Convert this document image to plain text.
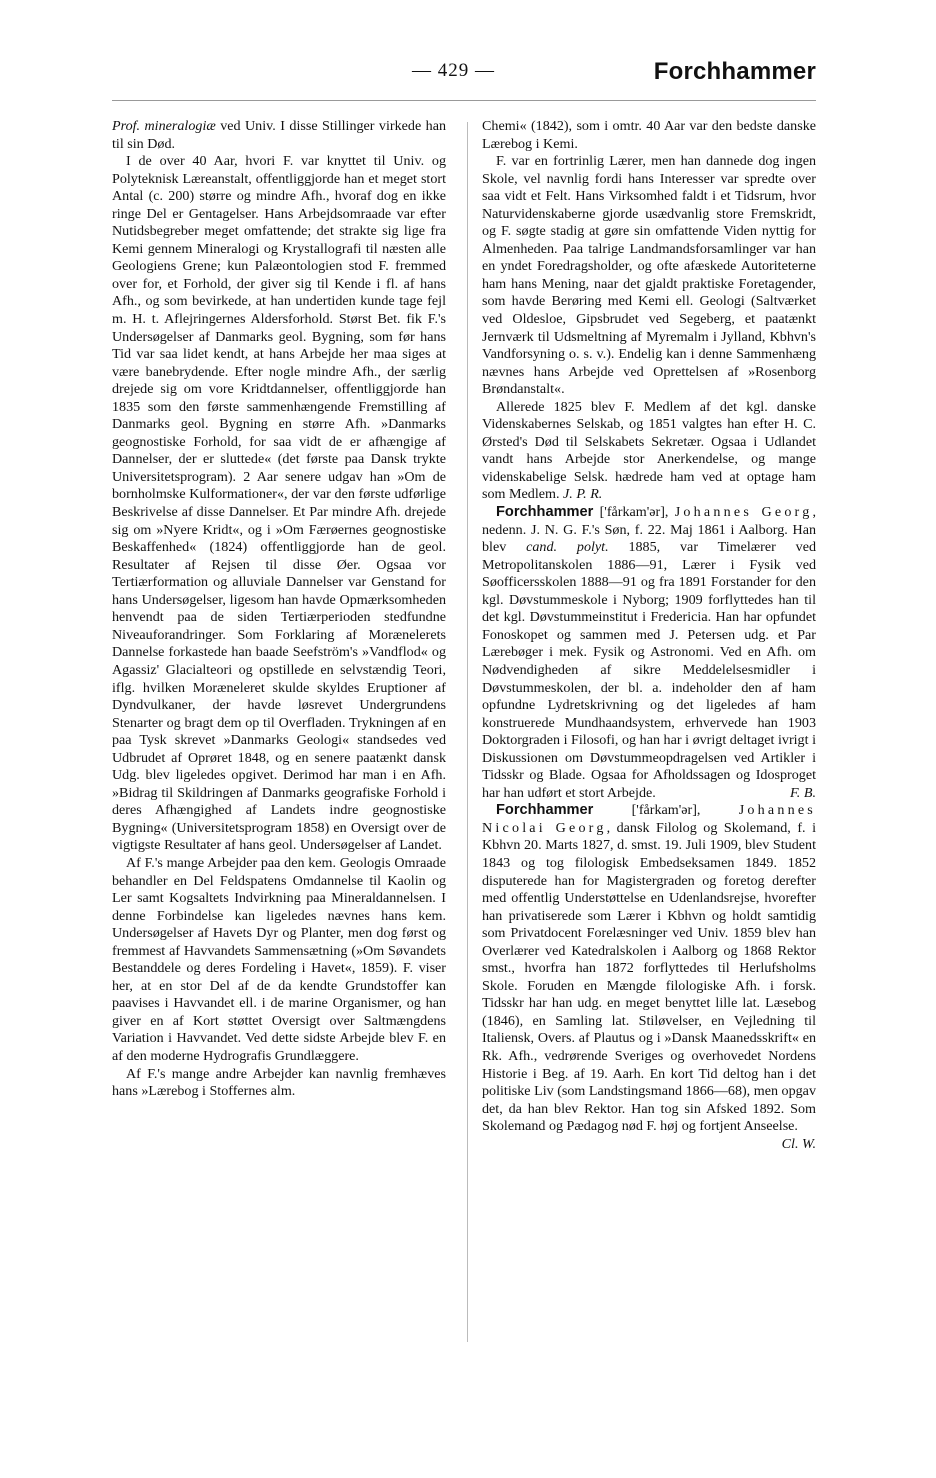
— 429 —	Forchhammer

Prof. mineralogiæ ved Univ. I disse Stillinger virkede han til sin Død.

I de over 40 Aar, hvori F. var knyttet til Univ. og Polyteknisk Læreanstalt, offentliggjorde han et meget stort Antal (c. 200) større og mindre Afh., hvoraf dog en ikke ringe Del er Gentagelser. Hans Arbejdsomraade var efter Nutidsbegreber meget omfattende; det strakte sig lige fra Kemi gennem Mineralogi og Krystallografi til næsten alle Geologiens Grene; kun Palæontologien stod F. fremmed over for, et Forhold, der giver sig til Kende i fl. af hans Afh., og som bevirkede, at han undertiden kunde tage fejl m. H. t. Aflejringernes Aldersforhold. Størst Bet. fik F.'s Undersøgelser af Danmarks geol. Bygning, som før hans Tid var saa lidet kendt, at hans Arbejde her maa siges at være banebrydende. Efter nogle mindre Afh., der særlig drejede sig om vore Kridtdannelser, offentliggjorde han 1835 som den første sammenhængende Fremstilling af Danmarks geol. Bygning en større Afh. »Danmarks geognostiske Forhold, for saa vidt de er afhængige af Dannelser, der er sluttede« (det første paa Dansk trykte Universitetsprogram). 2 Aar senere udgav han »Om de bornholmske Kulformationer«, der var den første udførlige Beskrivelse af disse Dannelser. Et Par mindre Afh. drejede sig om »Nyere Kridt«, og i »Om Færøernes geognostiske Beskaffenhed« (1824) offentliggjorde han de geol. Resultater af Rejsen til disse Øer. Ogsaa vor Tertiærformation og alluviale Dannelser var Genstand for hans Undersøgelser, ligesom han havde Opmærksomheden henvendt paa de siden Tertiærperioden stedfundne Niveauforandringer. Som Forklaring af Morænelerets Dannelse forkastede han baade Seefström's »Vandflod« og Agassiz' Glacialteori og opstillede en selvstændig Teori, iflg. hvilken Moræneleret skulde skyldes Eruptioner af Dyndvulkaner, der havde løsrevet Undergrundens Stenarter og bragt dem op til Overfladen. Trykningen af en paa Tysk skrevet »Danmarks Geologi« standsedes ved Udbrudet af Oprøret 1848, og en senere paatænkt dansk Udg. blev ligeledes opgivet. Derimod har man i en Afh. »Bidrag til Skildringen af Danmarks geografiske Forhold i deres Afhængighed af Landets indre geognostiske Bygning« (Universitetsprogram 1858) en Oversigt over de vigtigste Resultater af hans geol. Undersøgelser af Landet.

Af F.'s mange Arbejder paa den kem. Geologis Omraade behandler en Del Feldspatens Omdannelse til Kaolin og Ler samt Kogsaltets Indvirkning paa Mineraldannelsen. I denne Forbindelse kan ligeledes nævnes hans kem. Undersøgelser af Havets Dyr og Planter, men dog først og fremmest af Havvandets Sammensætning (»Om Søvandets Bestanddele og deres Fordeling i Havet«, 1859). F. viser her, at en stor Del af de da kendte Grundstoffer kan paavises i Havvandet ell. i de marine Organismer, og han giver en af Kort støttet Oversigt over Saltmængdens Variation i Havvandet. Ved dette sidste Arbejde blev F. en af den moderne Hydrografis Grundlæggere.

Af F.'s mange andre Arbejder kan navnlig fremhæves hans »Lærebog i Stoffernes alm.

Chemi« (1842), som i omtr. 40 Aar var den bedste danske Lærebog i Kemi.

F. var en fortrinlig Lærer, men han dannede dog ingen Skole, vel navnlig fordi hans Interesser var spredte over saa vidt et Felt. Hans Virksomhed faldt i et Tidsrum, hvor Naturvidenskaberne gjorde usædvanlig store Fremskridt, og F. søgte stadig at gøre sin omfattende Viden nyttig for Almenheden. Paa talrige Landmandsforsamlinger var han en yndet Foredragsholder, og ofte afæskede Autoriteterne ham hans Mening, naar det gjaldt praktiske Foretagender, som havde Berøring med Kemi ell. Geologi (Saltværket ved Oldesloe, Gipsbrudet ved Segeberg, et paatænkt Jernværk til Udsmeltning af Myremalm i Jylland, Kbhvn's Vandforsyning o. s. v.). Endelig kan i denne Sammenhæng nævnes hans Arbejde ved Oprettelsen af »Rosenborg Brøndanstalt«.

Allerede 1825 blev F. Medlem af det kgl. danske Videnskabernes Selskab, og 1851 valgtes han efter H. C. Ørsted's Død til Selskabets Sekretær. Ogsaa i Udlandet vandt hans Arbejde stor Anerkendelse, og mange videnskabelige Selsk. hædrede ham ved at optage ham som Medlem. J. P. R.

Forchhammer ['fårkam'ər], Johannes Georg, nedenn. J. N. G. F.'s Søn, f. 22. Maj 1861 i Aalborg. Han blev cand. polyt. 1885, var Timelærer ved Metropolitanskolen 1886—91, Lærer i Fysik ved Søofficersskolen 1888—91 og fra 1891 Forstander for den kgl. Døvstummeskole i Nyborg; 1909 forflyttedes han til det kgl. Døvstummeinstitut i Fredericia. Han har opfundet Fonoskopet og sammen med J. Petersen udg. et Par Lærebøger i mek. Fysik og Astronomi. Ved en Afh. om Nødvendigheden af sikre Meddelelsesmidler i Døvstummeskolen, der bl. a. indeholder den af ham opfundne Lydretskrivning og det ligeledes af ham konstruerede Mundhaandsystem, erhvervede han 1903 Doktorgraden i Filosofi, og han har i øvrigt deltaget ivrigt i Diskussionen om Døvstummeopdragelsen ved Artikler i Tidsskr og Blade. Ogsaa for Afholdssagen og Idosproget har han udført et stort Arbejde.	F. B.

Forchhammer ['fårkam'ər], Johannes Nicolai Georg, dansk Filolog og Skolemand, f. i Kbhvn 20. Marts 1827, d. smst. 19. Juli 1909, blev Student 1843 og tog filologisk Embedseksamen 1849. 1852 disputerede han for Magistergraden og foretog derefter med offentlig Understøttelse en Udenlandsrejse, hvorefter han privatiserede som Lærer i Kbhvn og holdt samtidig som Privatdocent Forelæsninger ved Univ. 1859 blev han Overlærer ved Katedralskolen i Aalborg og 1868 Rektor smst., hvorfra han 1872 forflyttedes til Herlufsholms Skole. Foruden en Mængde filologiske Afh. i forsk. Tidsskr har han udg. en meget benyttet lille lat. Læsebog (1846), en Samling lat. Stiløvelser, en Vejledning til Italiensk, Overs. af Plautus og i »Dansk Maanedsskrift« en Rk. Afh., vedrørende Sveriges og overhovedet Nordens Historie i Beg. af 19. Aarh. En kort Tid deltog han i det politiske Liv (som Landstingsmand 1866—68), men opgav det, da han blev Rektor. Han tog sin Afsked 1892. Som Skolemand og Pædagog nød F. høj og fortjent Anseelse.
Cl. W.
